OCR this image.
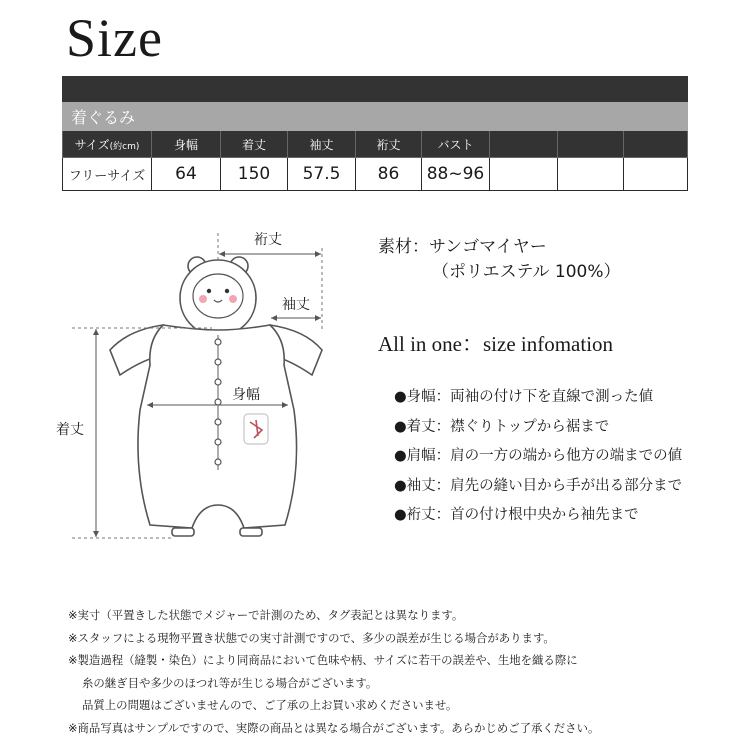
Size

着ぐるみ								
サイズ(約cm)	身幅	着丈	袖丈	裄丈	バスト			
フリーサイズ	64	150	57.5	86	88~96			
裄丈
袖丈
身幅
着丈
素材：サンゴマイヤー
（ポリエステル 100%）
All in one：size infomation
●身幅：両袖の付け下を直線で測った値
●着丈：襟ぐりトップから裾まで
●肩幅：肩の一方の端から他方の端までの値
●袖丈：肩先の縫い目から手が出る部分まで
●裄丈：首の付け根中央から袖先まで
※実寸（平置きした状態でメジャーで計測のため、タグ表記とは異なります。
※スタッフによる現物平置き状態での実寸計測ですので、多少の誤差が生じる場合があります。
※製造過程（縫製・染色）により同商品において色味や柄、サイズに若干の誤差や、生地を織る際に
糸の継ぎ目や多少のほつれ等が生じる場合がございます。
品質上の問題はございませんので、ご了承の上お買い求めくださいませ。
※商品写真はサンプルですので、実際の商品とは異なる場合がございます。あらかじめご了承ください。
